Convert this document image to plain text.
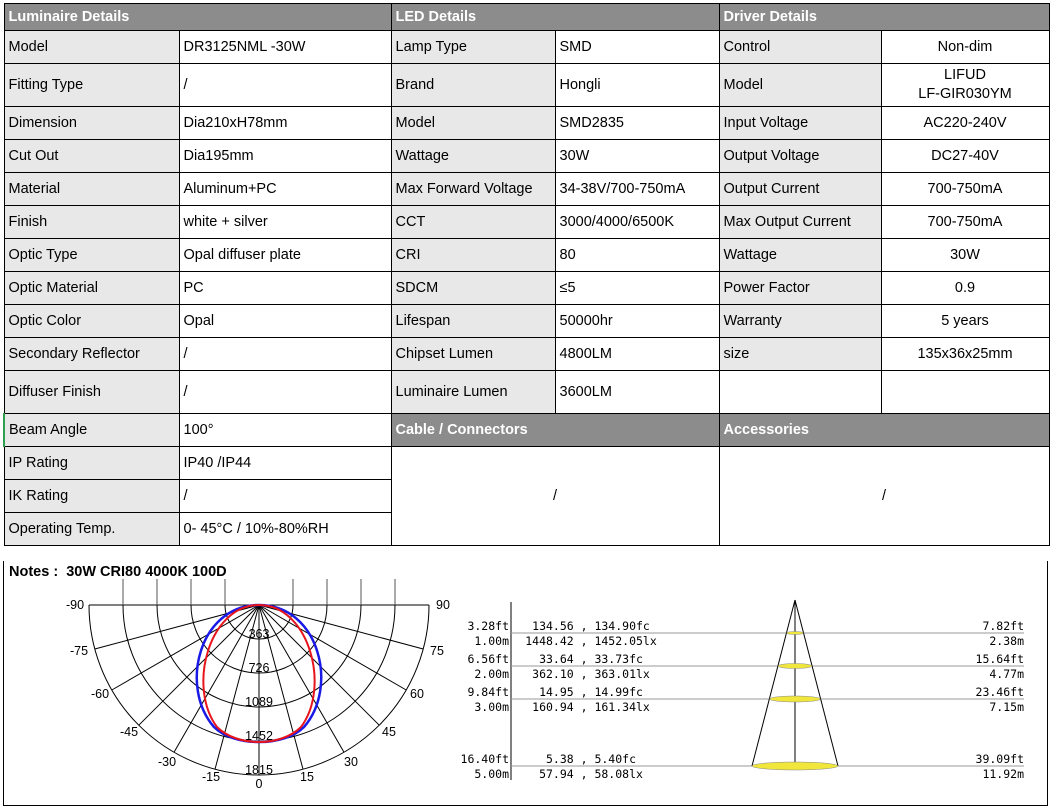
Luminaire Details		LED Details		Driver Details	
Model	DR3125NML -30W	Lamp Type	SMD	Control	Non-dim
Fitting Type	/	Brand	Hongli	Model	LIFUD
LF-GIR030YM

Dimension	Dia210xH78mm	Model	SMD2835	Input Voltage	AC220-240V
Cut Out	Dia195mm	Wattage	30W	Output Voltage	DC27-40V
Material	Aluminum+PC	Max Forward Voltage	34-38V/700-750mA	Output Current	700-750mA
Finish	white + silver	CCT	3000/4000/6500K	Max Output Current	700-750mA
Optic Type	Opal diffuser plate	CRI	80	Wattage	30W
Optic Material	PC	SDCM	≤5	Power Factor	0.9
Optic Color	Opal	Lifespan	50000hr	Warranty	5 years
Secondary Reflector	/	Chipset Lumen	4800LM	size	135x36x25mm
Diffuser Finish	/	Luminaire Lumen	3600LM		
Beam Angle	100°	Cable / Connectors		Accessories	
IP Rating	IP40 /IP44	/		/	
IK Rating	/				
Operating Temp.	0- 45°C / 10%-80%RH				
Notes : 30W CRI80 4000K 100D
-90	90
-75	75
-60	60
-45	45
-30	30
-15	15
0
363
726
1089
1452
1815
3.28ft
1.00m
134.56 , 134.90fc
1448.42 , 1452.05lx
7.82ft
2.38m
6.56ft
2.00m
33.64 , 33.73fc
362.10 , 363.01lx
15.64ft
4.77m
9.84ft
3.00m
14.95 , 14.99fc
160.94 , 161.34lx
23.46ft
7.15m
16.40ft
5.00m
5.38 , 5.40fc
57.94 , 58.08lx
39.09ft
11.92m
